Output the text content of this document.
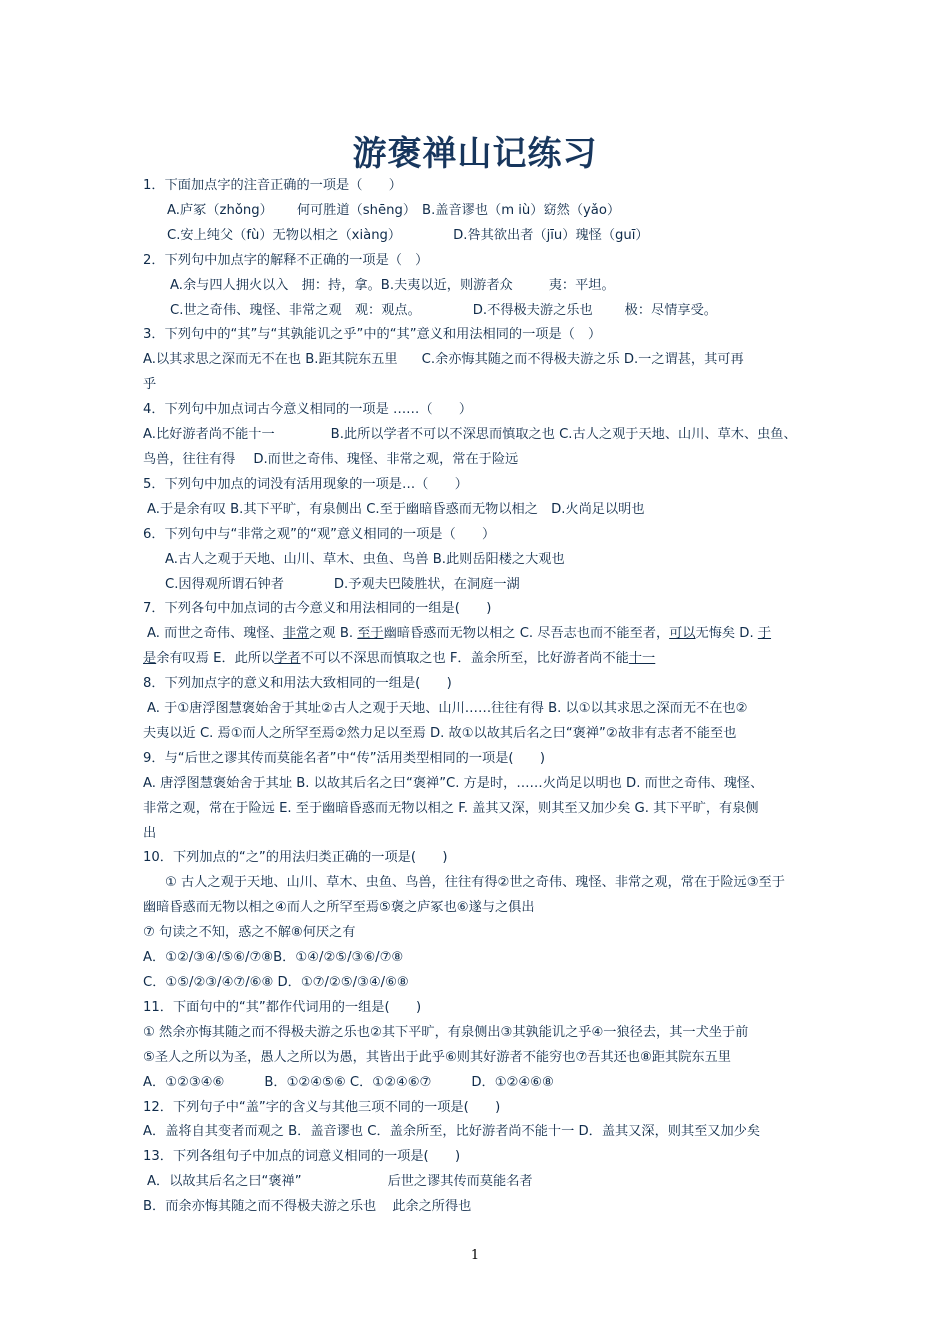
游褒禅山记练习
1．下面加点字的注音正确的一项是（　　）
A.庐冢（zhǒng） 何可胜道（shēng） B.盖音谬也（m iù）窈然（yǎo）
C.安上纯父（fù）无物以相之（xiàng）	D.咎其欲出者（jīu）瑰怪（guī）
2．下列句中加点字的解释不正确的一项是（　）
A.余与四人拥火以入　拥：持，拿。B.夫夷以近，则游者众	夷：平坦。
C.世之奇伟、瑰怪、非常之观　观：观点。	D.不得极夫游之乐也 极：尽情享受。
3．下列句中的“其”与“其孰能讥之乎”中的“其”意义和用法相同的一项是（　）
A.以其求思之深而无不在也 B.距其院东五里 C.余亦悔其随之而不得极夫游之乐 D.一之谓甚，其可再
乎
4．下列句中加点词古今意义相同的一项是 ……（　　）
A.比好游者尚不能十一	B.此所以学者不可以不深思而慎取之也 C.古人之观于天地、山川、草木、虫鱼、
鸟兽，往往有得 D.而世之奇伟、瑰怪、非常之观，常在于险远
5．下列句中加点的词没有活用现象的一项是…（　　）
A.于是余有叹 B.其下平旷，有泉侧出 C.至于幽暗昏惑而无物以相之　D.火尚足以明也
6．下列句中与“非常之观”的“观”意义相同的一项是（　　）
A.古人之观于天地、山川、草木、虫鱼、鸟兽 B.此则岳阳楼之大观也
C.因得观所谓石钟者	D.予观夫巴陵胜状，在洞庭一湖
7．下列各句中加点词的古今意义和用法相同的一组是(　　)
A. 而世之奇伟、瑰怪、非常之观 B. 至于幽暗昏惑而无物以相之 C. 尽吾志也而不能至者，可以无悔矣 D. 于
是余有叹焉 E．此所以学者不可以不深思而慎取之也 F．盖余所至，比好游者尚不能十一
8．下列加点字的意义和用法大致相同的一组是(　　)
A. 于①唐浮图慧褒始舍于其址②古人之观于天地、山川……往往有得 B. 以①以其求思之深而无不在也②
夫夷以近 C. 焉①而人之所罕至焉②然力足以至焉 D. 故①以故其后名之曰“褒禅”②故非有志者不能至也
9．与“后世之谬其传而莫能名者”中“传”活用类型相同的一项是(　　)
A. 唐浮图慧褒始舍于其址 B. 以故其后名之曰“褒禅”C. 方是时，……火尚足以明也 D. 而世之奇伟、瑰怪、
非常之观，常在于险远 E. 至于幽暗昏惑而无物以相之 F. 盖其又深，则其至又加少矣 G. 其下平旷，有泉侧
出
10．下列加点的“之”的用法归类正确的一项是(　　)
① 古人之观于天地、山川、草木、虫鱼、鸟兽，往往有得②世之奇伟、瑰怪、非常之观，常在于险远③至于
幽暗昏惑而无物以相之④而人之所罕至焉⑤褒之庐冢也⑥遂与之俱出
⑦ 句读之不知，惑之不解⑧何厌之有
A．①②/③④/⑤⑥/⑦⑧B．①④/②⑤/③⑥/⑦⑧
C．①⑤/②③/④⑦/⑥⑧ D．①⑦/②⑤/③④/⑥⑧
11．下面句中的“其”都作代词用的一组是(　　)
① 然余亦悔其随之而不得极夫游之乐也②其下平旷，有泉侧出③其孰能讥之乎④一狼径去，其一犬坐于前
⑤圣人之所以为圣，愚人之所以为愚，其皆出于此乎⑥则其好游者不能穷也⑦吾其还也⑧距其院东五里
A．①②③④⑥	B．①②④⑤⑥ C．①②④⑥⑦	D．①②④⑥⑧
12．下列句子中“盖”字的含义与其他三项不同的一项是(　　)
A．盖将自其变者而观之 B．盖音谬也 C．盖余所至，比好游者尚不能十一 D．盖其又深，则其至又加少矣
13．下列各组句子中加点的词意义相同的一项是(　　)
A．以故其后名之曰“褒禅”	后世之谬其传而莫能名者
B．而余亦悔其随之而不得极夫游之乐也 此余之所得也
1
